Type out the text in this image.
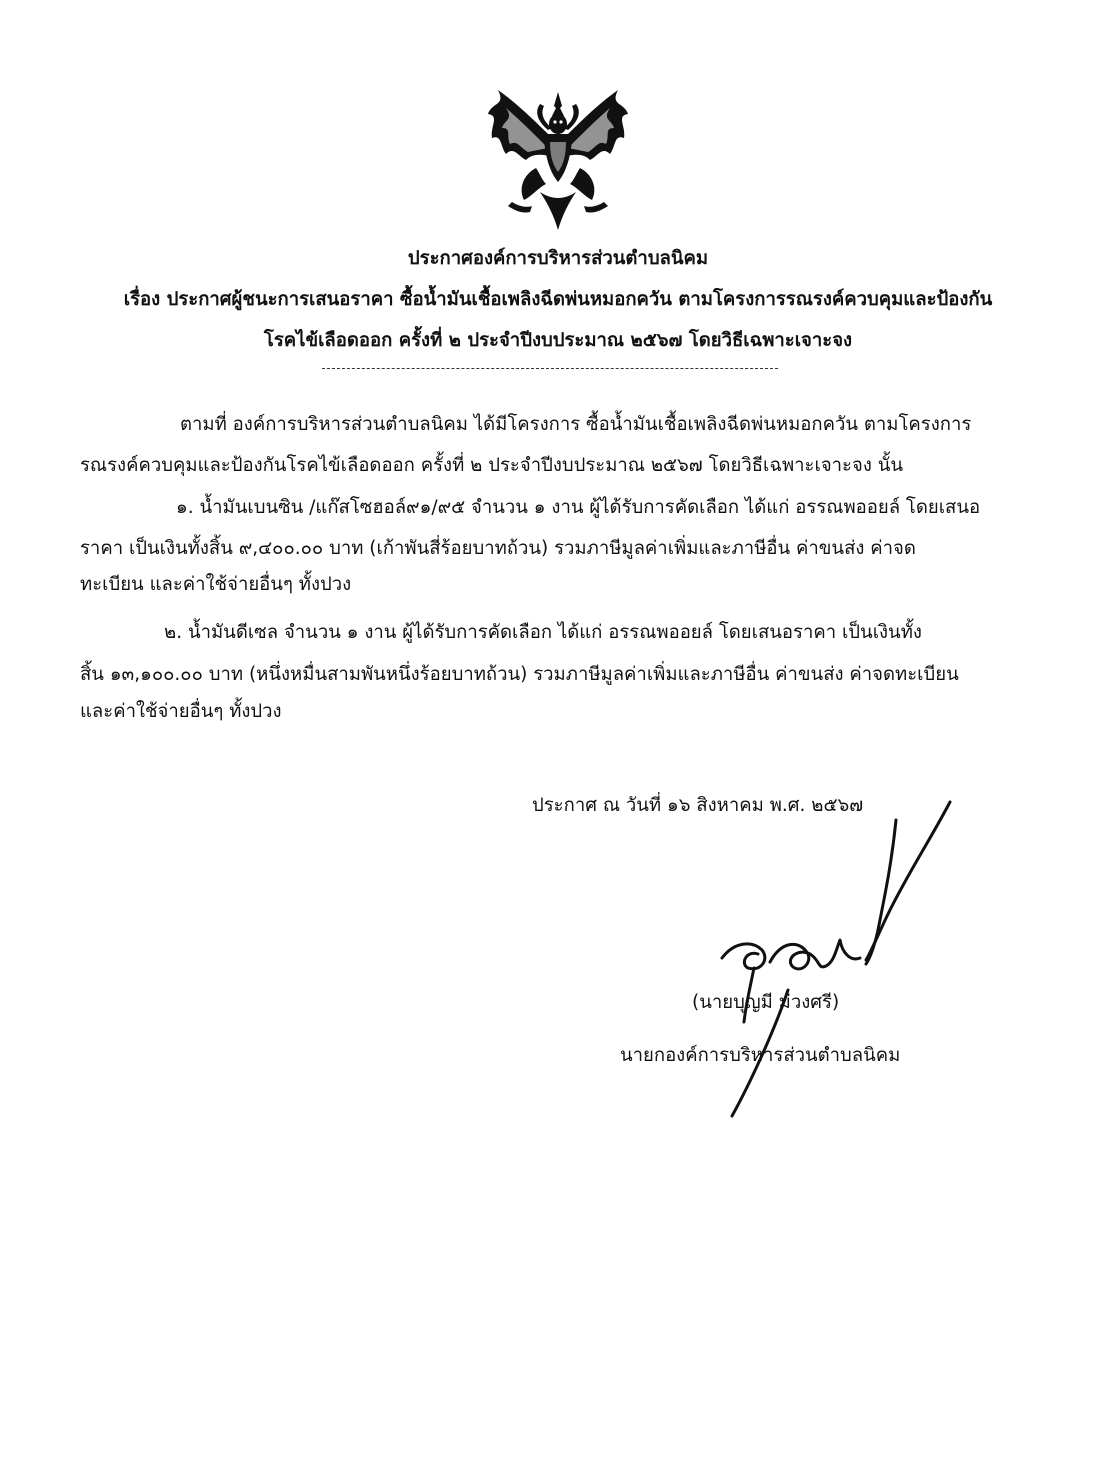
ประกาศองค์การบริหารส่วนตำบลนิคม
เรื่อง ประกาศผู้ชนะการเสนอราคา ซื้อน้ำมันเชื้อเพลิงฉีดพ่นหมอกควัน ตามโครงการรณรงค์ควบคุมและป้องกัน
โรคไข้เลือดออก ครั้งที่ ๒ ประจำปีงบประมาณ ๒๕๖๗ โดยวิธีเฉพาะเจาะจง
ตามที่ องค์การบริหารส่วนตำบลนิคม ได้มีโครงการ ซื้อน้ำมันเชื้อเพลิงฉีดพ่นหมอกควัน ตามโครงการ
รณรงค์ควบคุมและป้องกันโรคไข้เลือดออก ครั้งที่ ๒ ประจำปีงบประมาณ ๒๕๖๗ โดยวิธีเฉพาะเจาะจง นั้น
๑. น้ำมันเบนซิน /แก๊สโซฮอล์๙๑/๙๕ จำนวน ๑ งาน ผู้ได้รับการคัดเลือก ได้แก่ อรรณพออยล์ โดยเสนอ
ราคา เป็นเงินทั้งสิ้น ๙,๔๐๐.๐๐ บาท (เก้าพันสี่ร้อยบาทถ้วน) รวมภาษีมูลค่าเพิ่มและภาษีอื่น ค่าขนส่ง ค่าจด
ทะเบียน และค่าใช้จ่ายอื่นๆ ทั้งปวง
๒. น้ำมันดีเซล จำนวน ๑ งาน ผู้ได้รับการคัดเลือก ได้แก่ อรรณพออยล์ โดยเสนอราคา เป็นเงินทั้ง
สิ้น ๑๓,๑๐๐.๐๐ บาท (หนึ่งหมื่นสามพันหนึ่งร้อยบาทถ้วน) รวมภาษีมูลค่าเพิ่มและภาษีอื่น ค่าขนส่ง ค่าจดทะเบียน
และค่าใช้จ่ายอื่นๆ ทั้งปวง
ประกาศ ณ วันที่ ๑๖ สิงหาคม พ.ศ. ๒๕๖๗
(นายบุญมี ม่วงศรี)
นายกองค์การบริหารส่วนตำบลนิคม
